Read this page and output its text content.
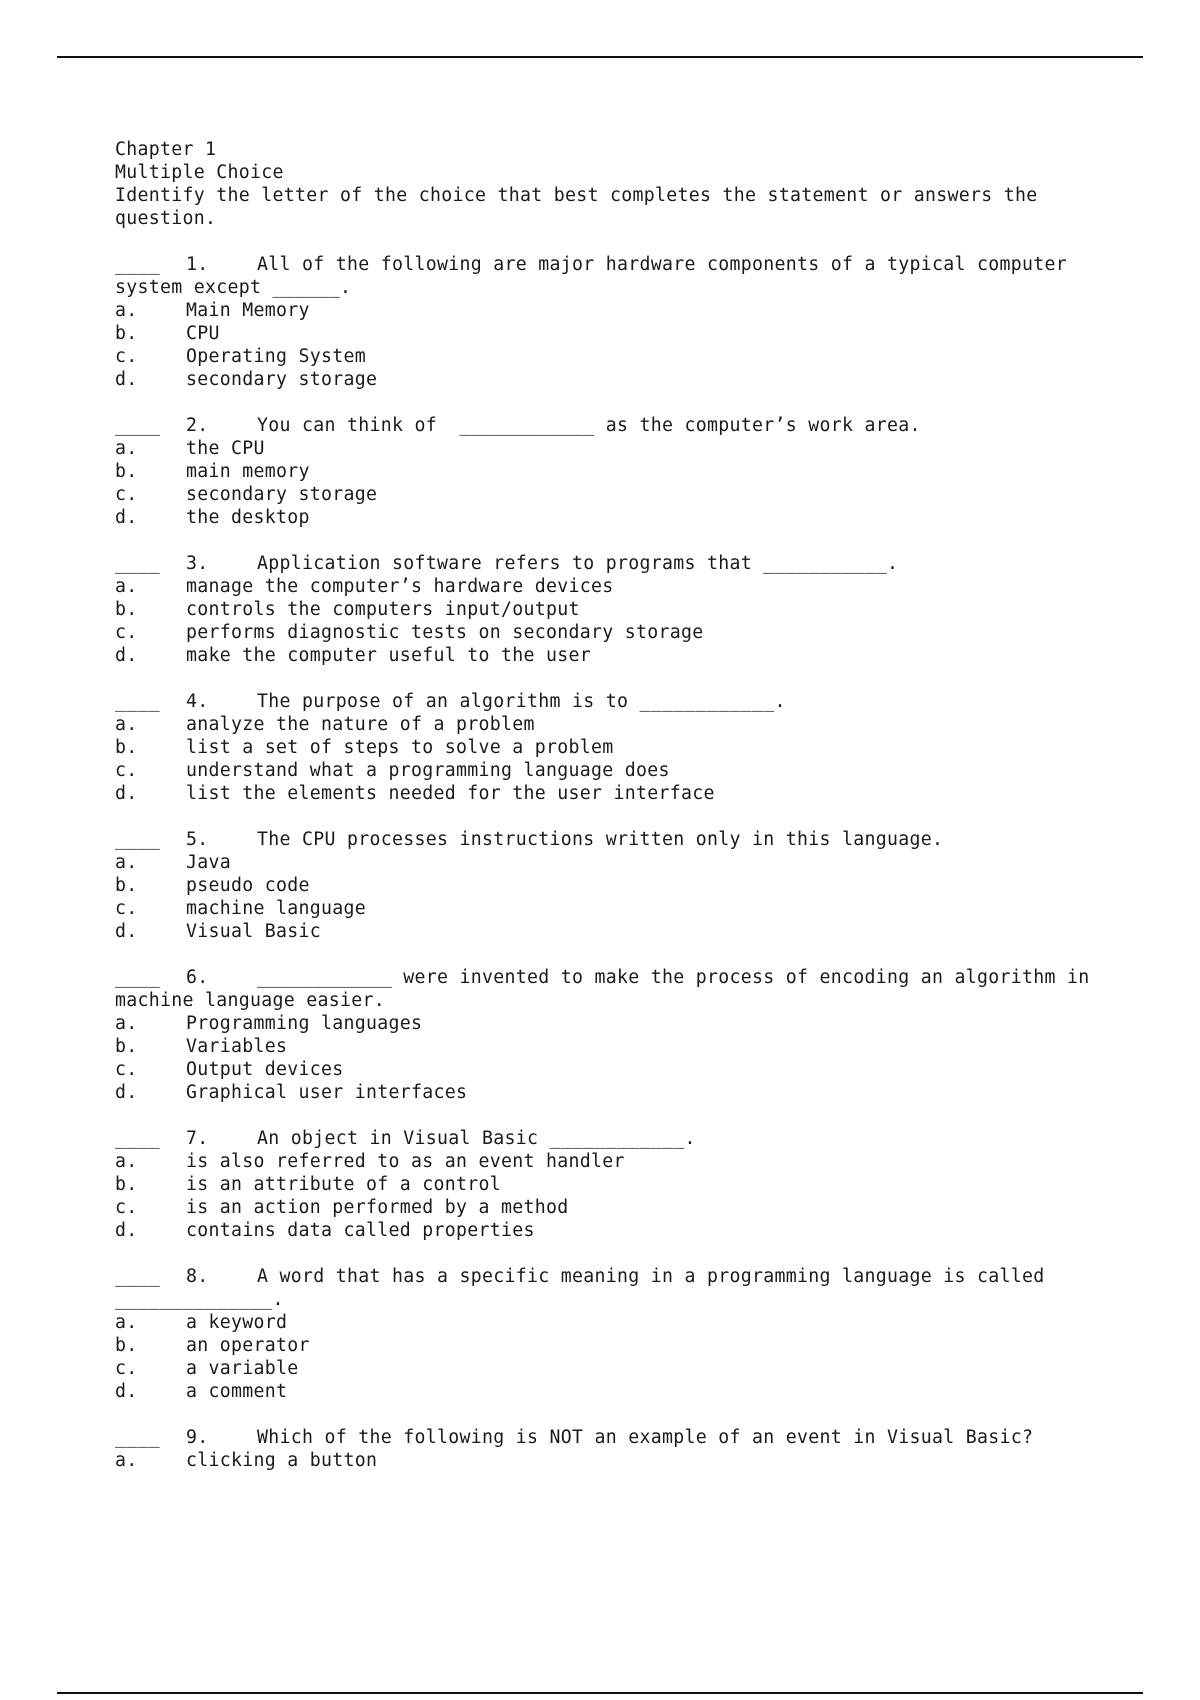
Chapter 1
Multiple Choice
Identify the letter of the choice that best completes the statement or answers the question.
____ 1.	All of the following are major hardware components of a typical computer system except ______.
a.	Main Memory
b.	CPU
c.	Operating System
d.	secondary storage
____ 2.	You can think of  ____________ as the computer’s work area.
a.	the CPU
b.	main memory
c.	secondary storage
d.	the desktop
____ 3.	Application software refers to programs that ___________.
a.	manage the computer’s hardware devices
b.	controls the computers input/output
c.	performs diagnostic tests on secondary storage
d.	make the computer useful to the user
____ 4.	The purpose of an algorithm is to ____________.
a.	analyze the nature of a problem
b.	list a set of steps to solve a problem
c.	understand what a programming language does
d.	list the elements needed for the user interface
____ 5.	The CPU processes instructions written only in this language.
a.	Java
b.	pseudo code
c.	machine language
d.	Visual Basic
____ 6.	____________ were invented to make the process of encoding an algorithm in machine language easier.
a.	Programming languages
b.	Variables
c.	Output devices
d.	Graphical user interfaces
____ 7.	An object in Visual Basic ____________.
a.	is also referred to as an event handler
b.	is an attribute of a control
c.	is an action performed by a method
d.	contains data called properties
____ 8.	A word that has a specific meaning in a programming language is called ______________.
a.	a keyword
b.	an operator
c.	a variable
d.	a comment
____ 9.	Which of the following is NOT an example of an event in Visual Basic?
a.	clicking a button
